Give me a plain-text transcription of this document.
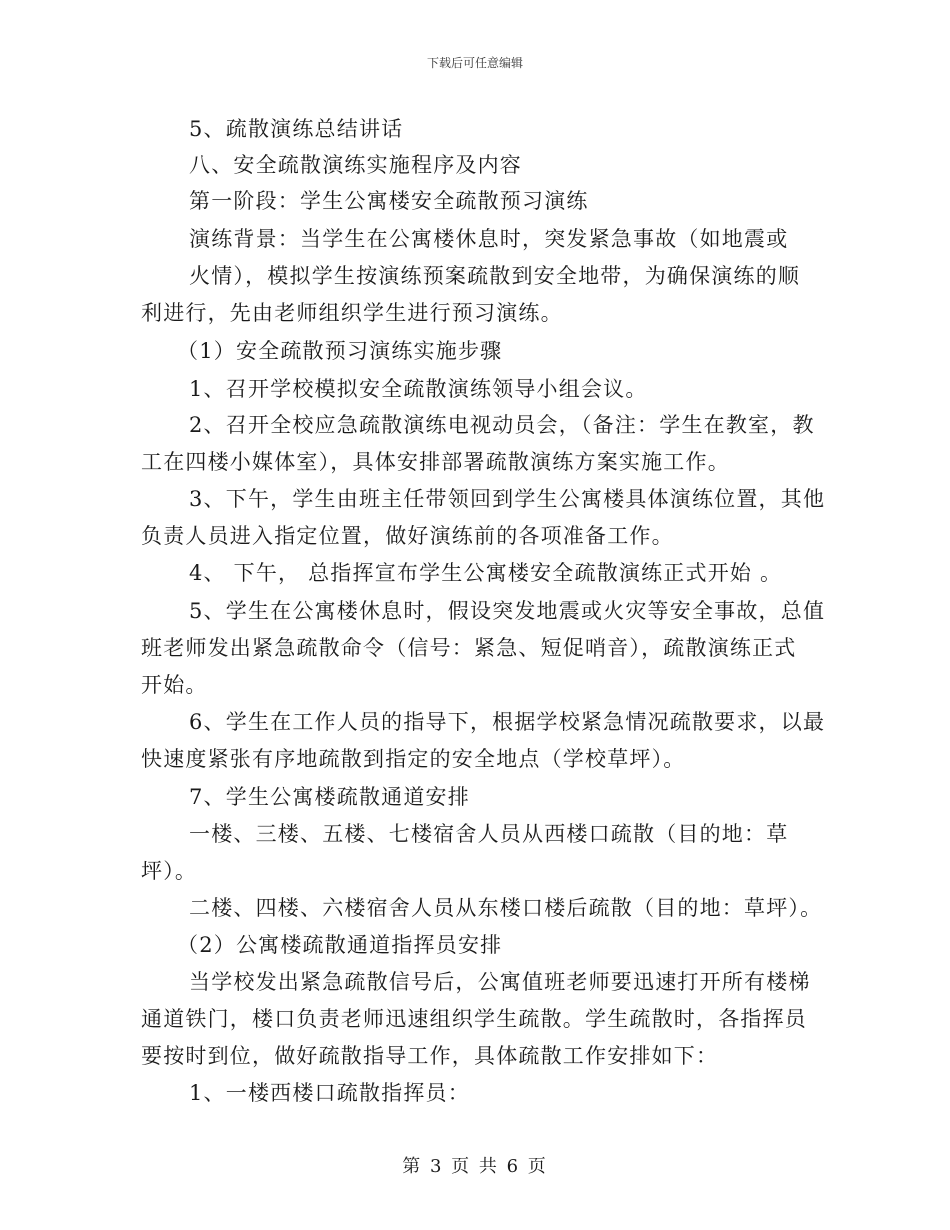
下载后可任意编辑
5、疏散演练总结讲话
八、安全疏散演练实施程序及内容
第一阶段：学生公寓楼安全疏散预习演练
演练背景：当学生在公寓楼休息时，突发紧急事故（如地震或
火情），模拟学生按演练预案疏散到安全地带，为确保演练的顺
利进行，先由老师组织学生进行预习演练。
（1）安全疏散预习演练实施步骤
1、召开学校模拟安全疏散演练领导小组会议。
2、召开全校应急疏散演练电视动员会，（备注：学生在教室，教
工在四楼小媒体室），具体安排部署疏散演练方案实施工作。
3、下午，学生由班主任带领回到学生公寓楼具体演练位置，其他
负责人员进入指定位置，做好演练前的各项准备工作。
4、 下午， 总指挥宣布学生公寓楼安全疏散演练正式开始 。
5、学生在公寓楼休息时，假设突发地震或火灾等安全事故，总值
班老师发出紧急疏散命令（信号：紧急、短促哨音），疏散演练正式
开始。
6、学生在工作人员的指导下，根据学校紧急情况疏散要求，以最
快速度紧张有序地疏散到指定的安全地点（学校草坪）。
7、学生公寓楼疏散通道安排
一楼、三楼、五楼、七楼宿舍人员从西楼口疏散（目的地：草
坪）。
二楼、四楼、六楼宿舍人员从东楼口楼后疏散（目的地：草坪）。
（2）公寓楼疏散通道指挥员安排
当学校发出紧急疏散信号后，公寓值班老师要迅速打开所有楼梯
通道铁门，楼口负责老师迅速组织学生疏散。学生疏散时，各指挥员
要按时到位，做好疏散指导工作，具体疏散工作安排如下：
1、一楼西楼口疏散指挥员：
第 3 页 共 6 页
